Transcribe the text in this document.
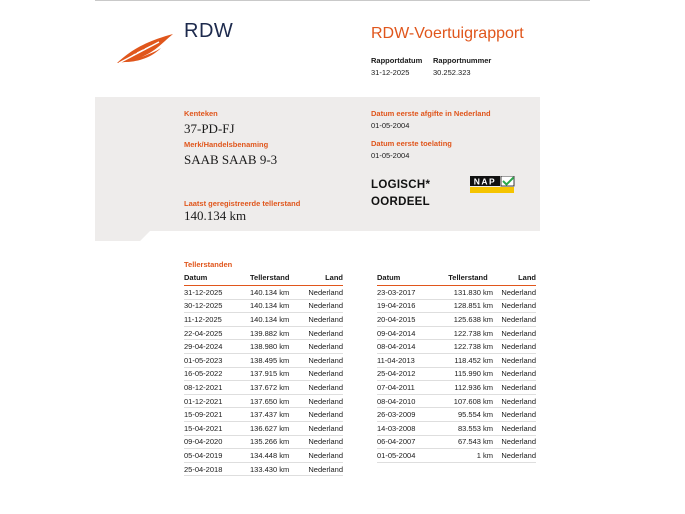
RDW	RDW-Voertuigrapport
Rapportdatum
31-12-2025
Rapportnummer
30.252.323
Kenteken
37-PD-FJ
Merk/Handelsbenaming
SAAB SAAB 9-3
Laatst geregistreerde tellerstand
140.134 km
Datum eerste afgifte in Nederland
01-05-2004
Datum eerste toelating
01-05-2004
LOGISCH*
OORDEEL
NAP
Tellerstanden
Datum	Tellerstand	Land
31-12-2025	140.134 km	Nederland
30-12-2025	140.134 km	Nederland
11-12-2025	140.134 km	Nederland
22-04-2025	139.882 km	Nederland
29-04-2024	138.980 km	Nederland
01-05-2023	138.495 km	Nederland
16-05-2022	137.915 km	Nederland
08-12-2021	137.672 km	Nederland
01-12-2021	137.650 km	Nederland
15-09-2021	137.437 km	Nederland
15-04-2021	136.627 km	Nederland
09-04-2020	135.266 km	Nederland
05-04-2019	134.448 km	Nederland
25-04-2018	133.430 km	Nederland
Datum	Tellerstand	Land
23-03-2017	131.830 km	Nederland
19-04-2016	128.851 km	Nederland
20-04-2015	125.638 km	Nederland
09-04-2014	122.738 km	Nederland
08-04-2014	122.738 km	Nederland
11-04-2013	118.452 km	Nederland
25-04-2012	115.990 km	Nederland
07-04-2011	112.936 km	Nederland
08-04-2010	107.608 km	Nederland
26-03-2009	95.554 km	Nederland
14-03-2008	83.553 km	Nederland
06-04-2007	67.543 km	Nederland
01-05-2004	1 km	Nederland
